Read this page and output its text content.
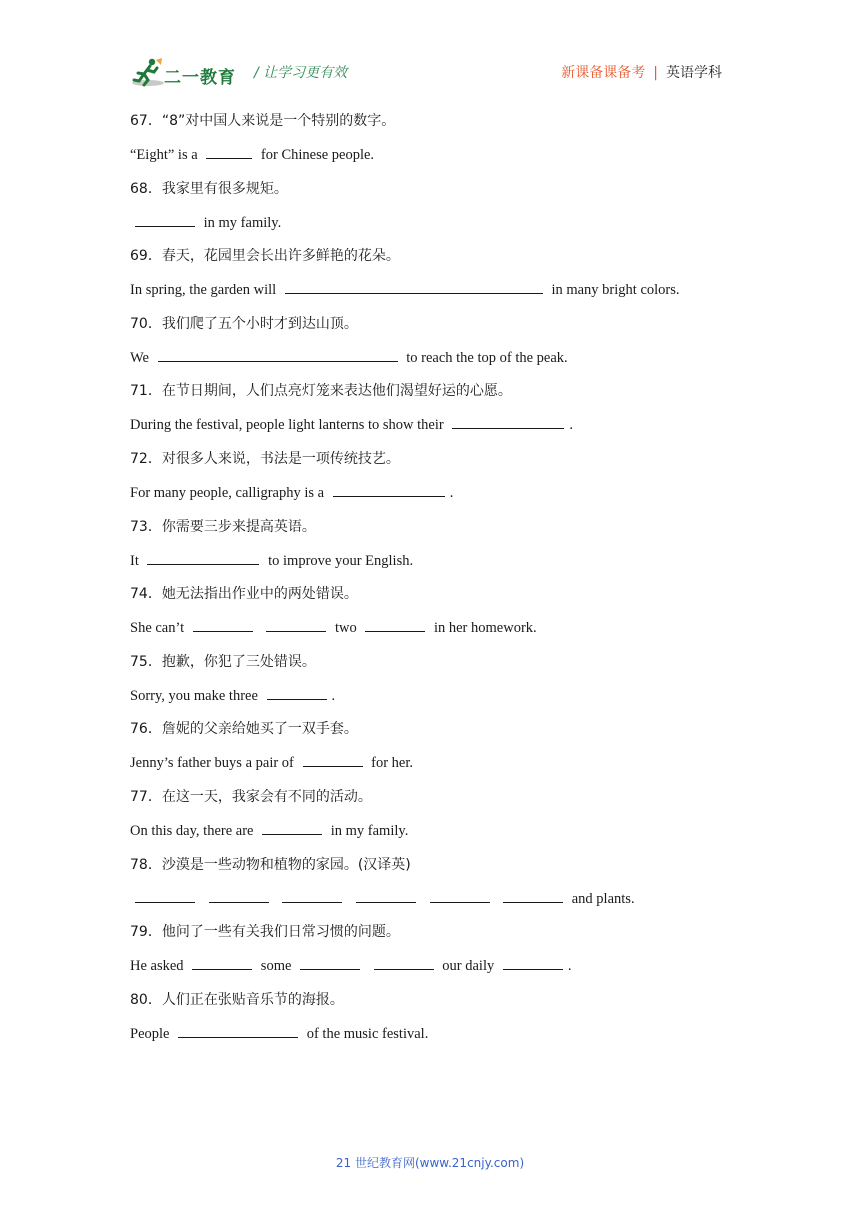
二一教育 / 让学习更有效	新课备课备考 | 英语学科
67．“8”对中国人来说是一个特别的数字。
“Eight” is a	for Chinese people.
68．我家里有很多规矩。
in my family.
69．春天，花园里会长出许多鲜艳的花朵。
In spring, the garden will	in many bright colors.
70．我们爬了五个小时才到达山顶。
We	to reach the top of the peak.
71．在节日期间，人们点亮灯笼来表达他们渴望好运的心愿。
During the festival, people light lanterns to show their	.
72．对很多人来说，书法是一项传统技艺。
For many people, calligraphy is a	.
73．你需要三步来提高英语。
It	to improve your English.
74．她无法指出作业中的两处错误。
She can’t	two	in her homework.
75．抱歉，你犯了三处错误。
Sorry, you make three	.
76．詹妮的父亲给她买了一双手套。
Jenny’s father buys a pair of	for her.
77．在这一天，我家会有不同的活动。
On this day, there are	in my family.
78．沙漠是一些动物和植物的家园。(汉译英)
and plants.
79．他问了一些有关我们日常习惯的问题。
He asked	some	our daily	.
80．人们正在张贴音乐节的海报。
People	of the music festival.
21 世纪教育网(www.21cnjy.com)
